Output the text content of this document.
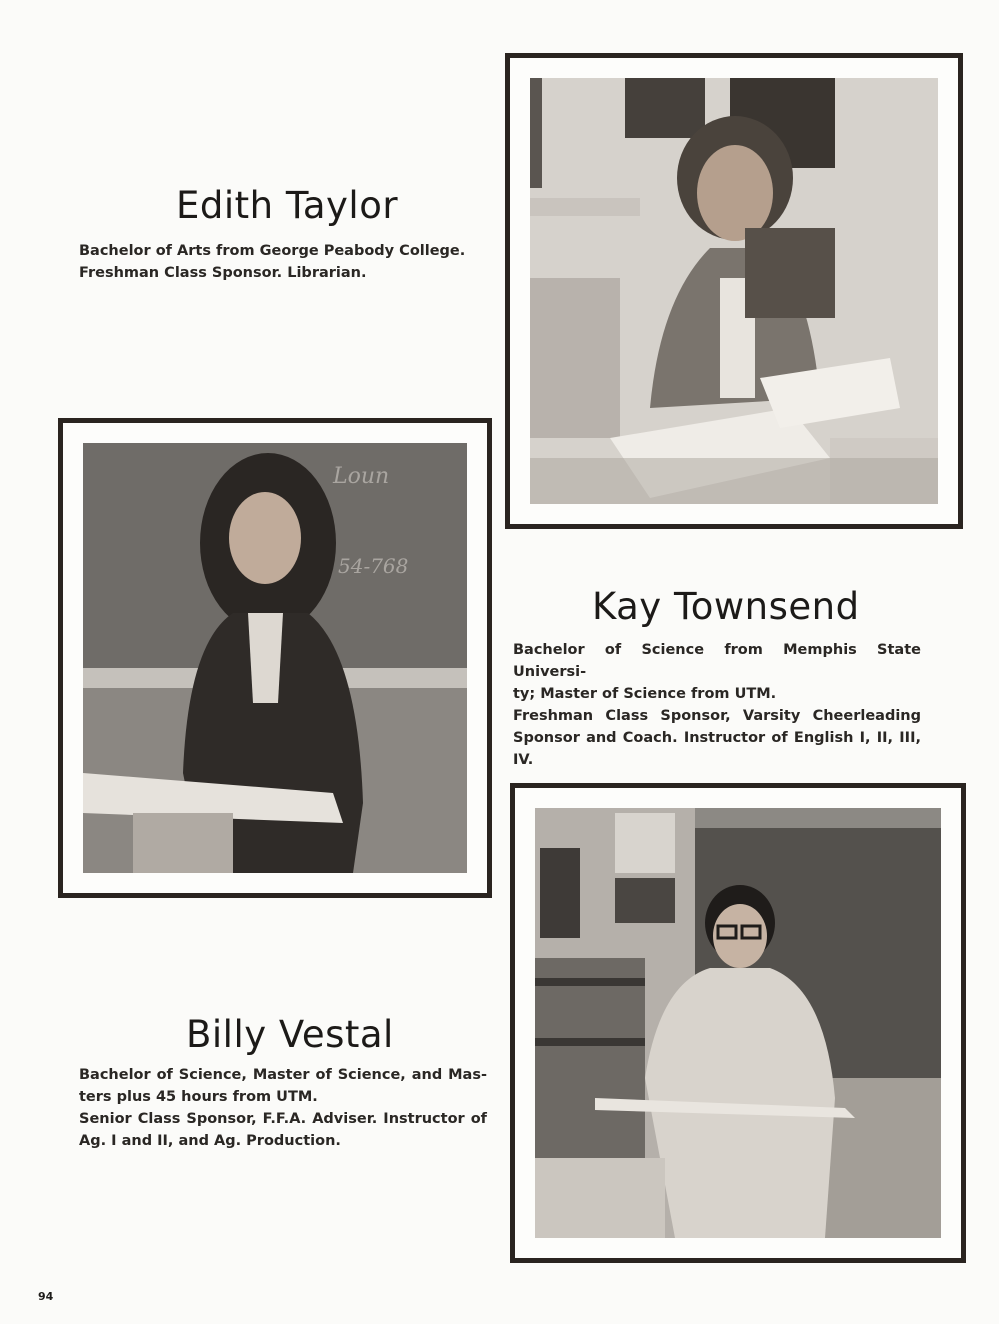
Edith Taylor

Bachelor of Arts from George Peabody College.

Freshman Class Sponsor. Librarian.

Loun
54-768
Kay Townsend

Bachelor of Science from Memphis State Universi-

ty; Master of Science from UTM.

Freshman Class Sponsor, Varsity Cheerleading

Sponsor and Coach. Instructor of English I, II, III, IV.

Billy Vestal

Bachelor of Science, Master of Science, and Mas-

ters plus 45 hours from UTM.

Senior Class Sponsor, F.F.A. Adviser. Instructor of

Ag. I and II, and Ag. Production.

94
